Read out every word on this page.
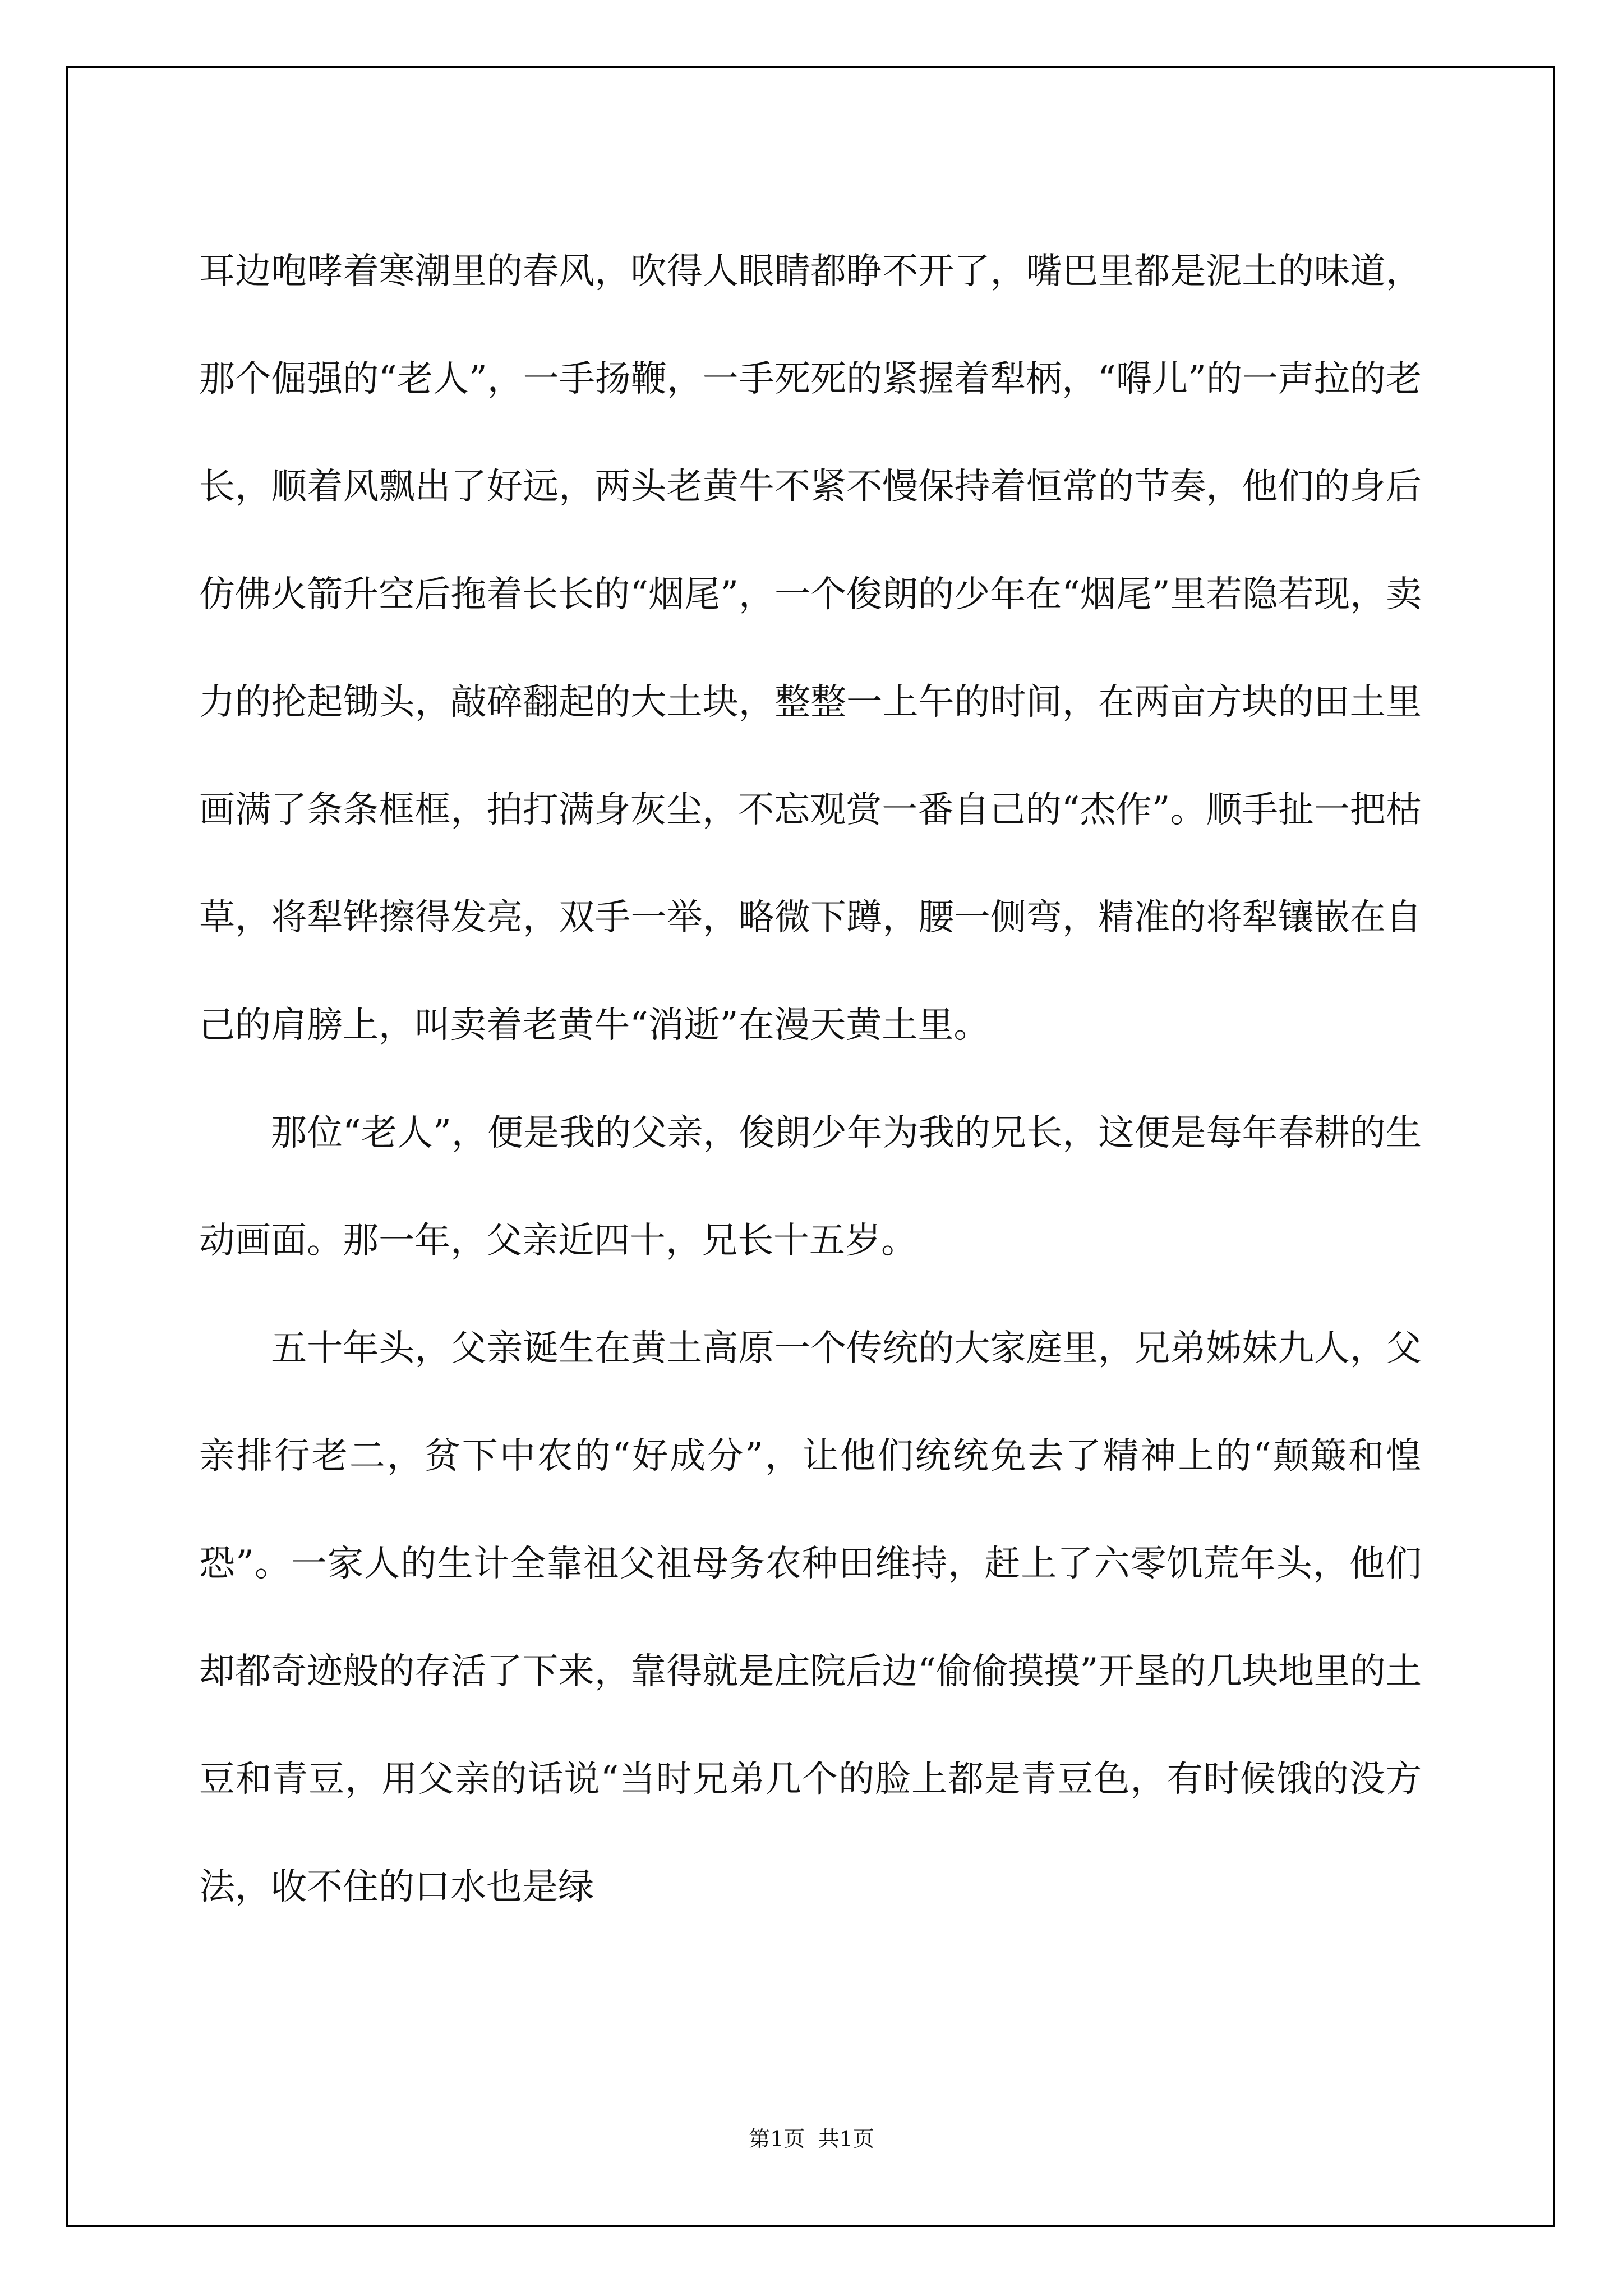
耳边咆哮着寒潮里的春风，吹得人眼睛都睁不开了，嘴巴里都是泥土的味道，那个倔强的“老人”，一手扬鞭，一手死死的紧握着犁柄，“嘚儿”的一声拉的老长，顺着风飘出了好远，两头老黄牛不紧不慢保持着恒常的节奏，他们的身后仿佛火箭升空后拖着长长的“烟尾”，一个俊朗的少年在“烟尾”里若隐若现，卖力的抡起锄头，敲碎翻起的大土块，整整一上午的时间，在两亩方块的田土里画满了条条框框，拍打满身灰尘，不忘观赏一番自己的“杰作”。顺手扯一把枯草，将犁铧擦得发亮，双手一举，略微下蹲，腰一侧弯，精准的将犁镶嵌在自己的肩膀上，叫卖着老黄牛“消逝”在漫天黄土里。

那位“老人”，便是我的父亲，俊朗少年为我的兄长，这便是每年春耕的生动画面。那一年，父亲近四十，兄长十五岁。

五十年头，父亲诞生在黄土高原一个传统的大家庭里，兄弟姊妹九人，父亲排行老二，贫下中农的“好成分”，让他们统统免去了精神上的“颠簸和惶恐”。一家人的生计全靠祖父祖母务农种田维持，赶上了六零饥荒年头，他们却都奇迹般的存活了下来，靠得就是庄院后边“偷偷摸摸”开垦的几块地里的土豆和青豆，用父亲的话说“当时兄弟几个的脸上都是青豆色，有时候饿的没方法，收不住的口水也是绿

第1页 共1页
